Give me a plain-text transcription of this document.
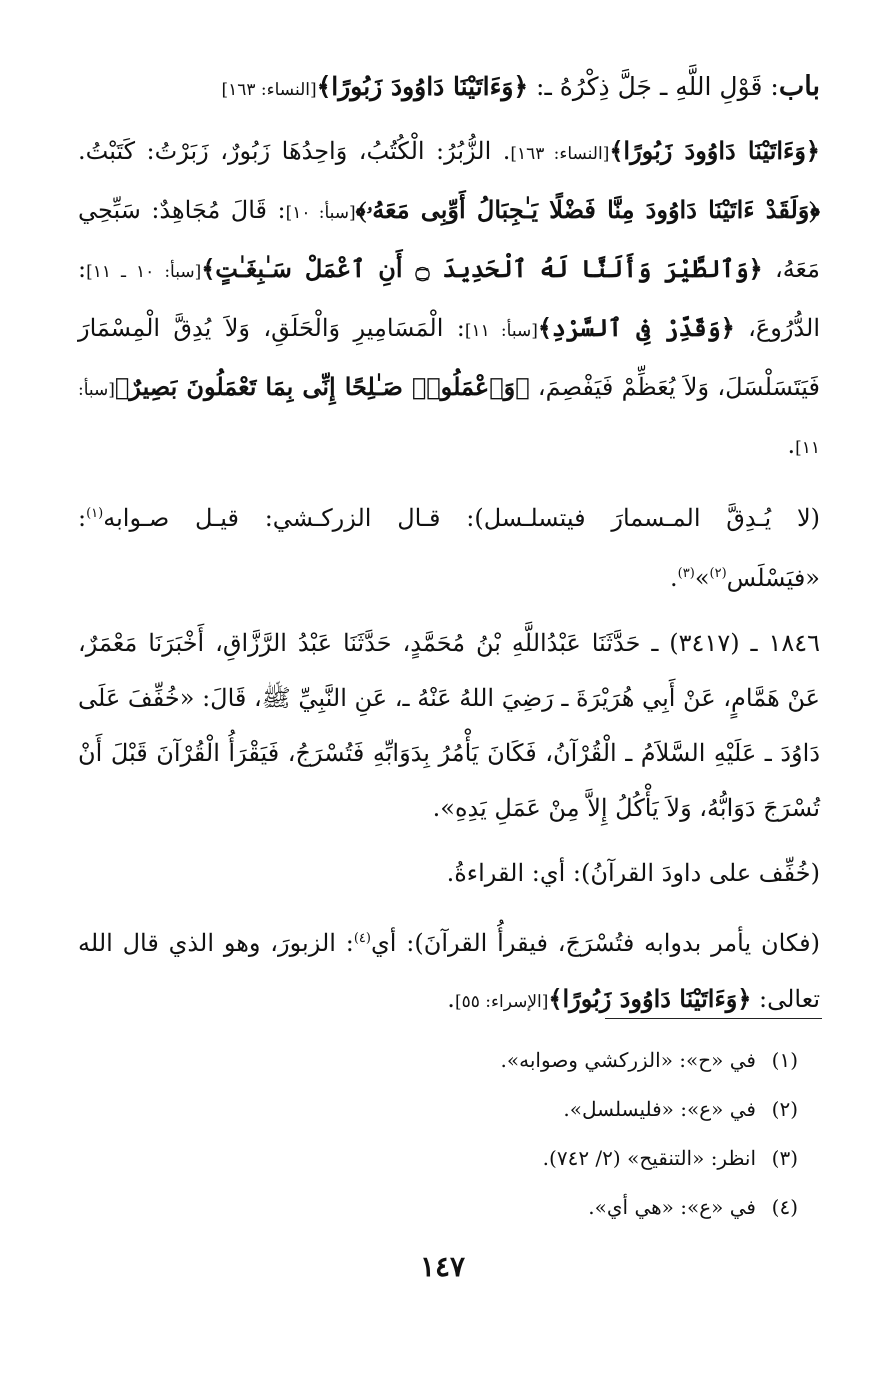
باب: قَوْلِ اللَّهِ ـ جَلَّ ذِكْرُهُ ـ: ﴿وَءَاتَيْنَا دَاوُودَ زَبُورًا﴾[النساء: ١٦٣]

﴿وَءَاتَيْنَا دَاوُودَ زَبُورًا﴾[النساء: ١٦٣]. الزُّبُرُ: الْكُتُبُ، وَاحِدُهَا زَبُورٌ، زَبَرْتُ: كَتَبْتُ. ﴿وَلَقَدْ ءَاتَيْنَا دَاوُودَ مِنَّا فَضْلًا يَـٰجِبَالُ أَوِّبِى مَعَهُۥ﴾[سبأ: ١٠]: قَالَ مُجَاهِدٌ: سَبِّحِي مَعَهُ، ﴿وَٱلطَّيْرَ وَأَلَنَّا لَهُ ٱلْحَدِيدَ ۝ أَنِ ٱعْمَلْ سَـٰبِغَـٰتٍ﴾[سبأ: ١٠ ـ ١١]: الدُّرُوعَ، ﴿وَقَدِّرْ فِى ٱلسَّرْدِ﴾[سبأ: ١١]: الْمَسَامِيرِ وَالْحَلَقِ، وَلاَ يُدِقَّ الْمِسْمَارَ فَيَتَسَلْسَلَ، وَلاَ يُعَظِّمْ فَيَفْصِمَ، ﴿وَٱعْمَلُوا۟ صَـٰلِحًا إِنِّى بِمَا تَعْمَلُونَ بَصِيرٌ﴾[سبأ: ١١].

(لا يُـدِقَّ المـسمارَ فيتسلـسل): قـال الزركـشي: قيـل صـوابه$^{(١)}$: «فيَسْلَس$^{(٢)}$»$^{(٣)}$.

١٨٤٦ ـ (٣٤١٧) ـ حَدَّثَنَا عَبْدُاللَّهِ بْنُ مُحَمَّدٍ، حَدَّثَنَا عَبْدُ الرَّزَّاقِ، أَخْبَرَنَا مَعْمَرٌ، عَنْ هَمَّامٍ، عَنْ أَبِي هُرَيْرَةَ ـ رَضِيَ اللهُ عَنْهُ ـ، عَنِ النَّبِيِّ ﷺ، قَالَ: «خُفِّفَ عَلَى دَاوُدَ ـ عَلَيْهِ السَّلاَمُ ـ الْقُرْآنُ، فَكَانَ يَأْمُرُ بِدَوَابِّهِ فَتُسْرَجُ، فَيَقْرَأُ الْقُرْآنَ قَبْلَ أَنْ تُسْرَجَ دَوَابُّهُ، وَلاَ يَأْكُلُ إِلاَّ مِنْ عَمَلِ يَدِهِ».

(خُفِّف على داودَ القرآنُ): أي: القراءةُ.

(فكان يأمر بدوابه فتُسْرَجَ، فيقرأُ القرآنَ): أي$^{(٤)}$: الزبورَ، وهو الذي قال الله تعالى: ﴿وَءَاتَيْنَا دَاوُودَ زَبُورًا﴾[الإسراء: ٥٥].

(١)في «ح»: «الزركشي وصوابه».

(٢)في «ع»: «فليسلسل».

(٣)انظر: «التنقيح» (٢/ ٧٤٢).

(٤)في «ع»: «هي أي».

١٤٧
